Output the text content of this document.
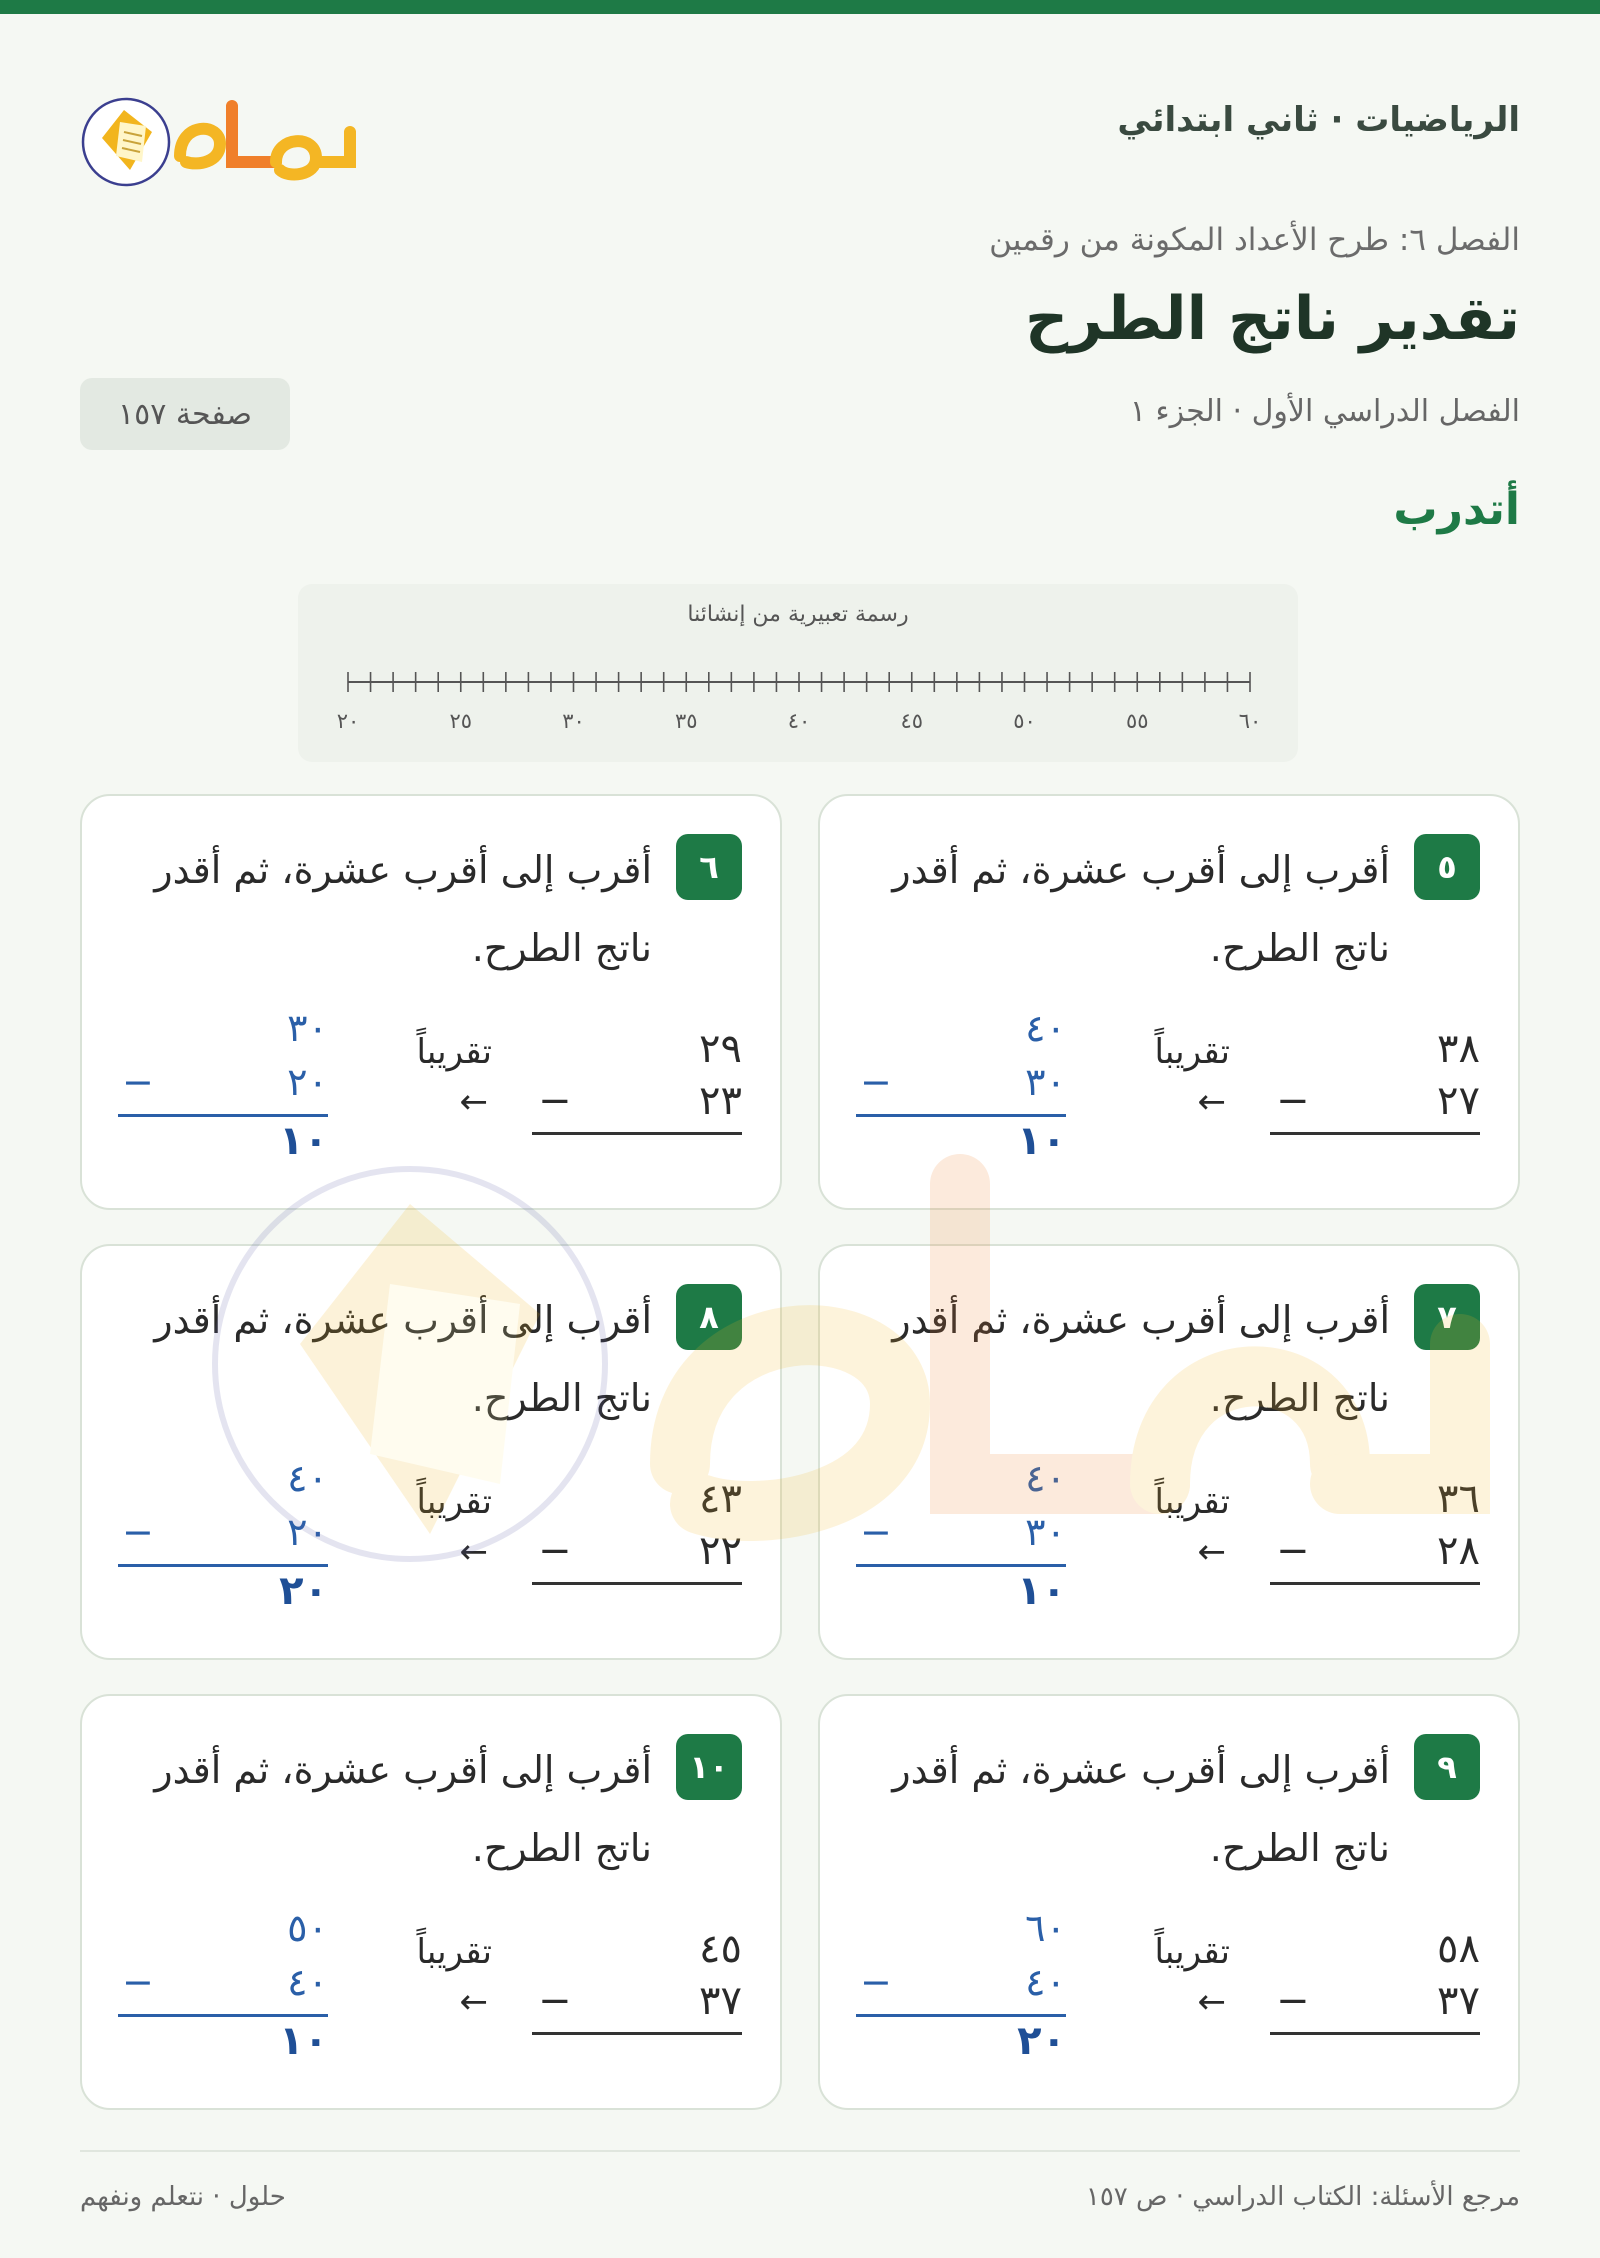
الرياضيات · ثاني ابتدائي
الفصل ٦: طرح الأعداد المكونة من رقمين
تقدير ناتج الطرح
الفصل الدراسي الأول · الجزء ١
صفحة ١٥٧
أتدرب
رسمة تعبيرية من إنشائنا
٢٠	٢٥	٣٠	٣٥	٤٠	٤٥	٥٠	٥٥	٦٠
٥
أقرب إلى أقرب عشرة، ثم أقدر
ناتج الطرح.
٣٨
٢٧
−
تقريباً
←
٤٠
٣٠
−
١٠
٦
أقرب إلى أقرب عشرة، ثم أقدر
ناتج الطرح.
٢٩
٢٣
−
تقريباً
←
٣٠
٢٠
−
١٠
٧
أقرب إلى أقرب عشرة، ثم أقدر
ناتج الطرح.
٣٦
٢٨
−
تقريباً
←
٤٠
٣٠
−
١٠
٨
أقرب إلى أقرب عشرة، ثم أقدر
ناتج الطرح.
٤٣
٢٢
−
تقريباً
←
٤٠
٢٠
−
٢٠
٩
أقرب إلى أقرب عشرة، ثم أقدر
ناتج الطرح.
٥٨
٣٧
−
تقريباً
←
٦٠
٤٠
−
٢٠
١٠
أقرب إلى أقرب عشرة، ثم أقدر
ناتج الطرح.
٤٥
٣٧
−
تقريباً
←
٥٠
٤٠
−
١٠
مرجع الأسئلة: الكتاب الدراسي · ص ١٥٧
حلول · نتعلم ونفهم
